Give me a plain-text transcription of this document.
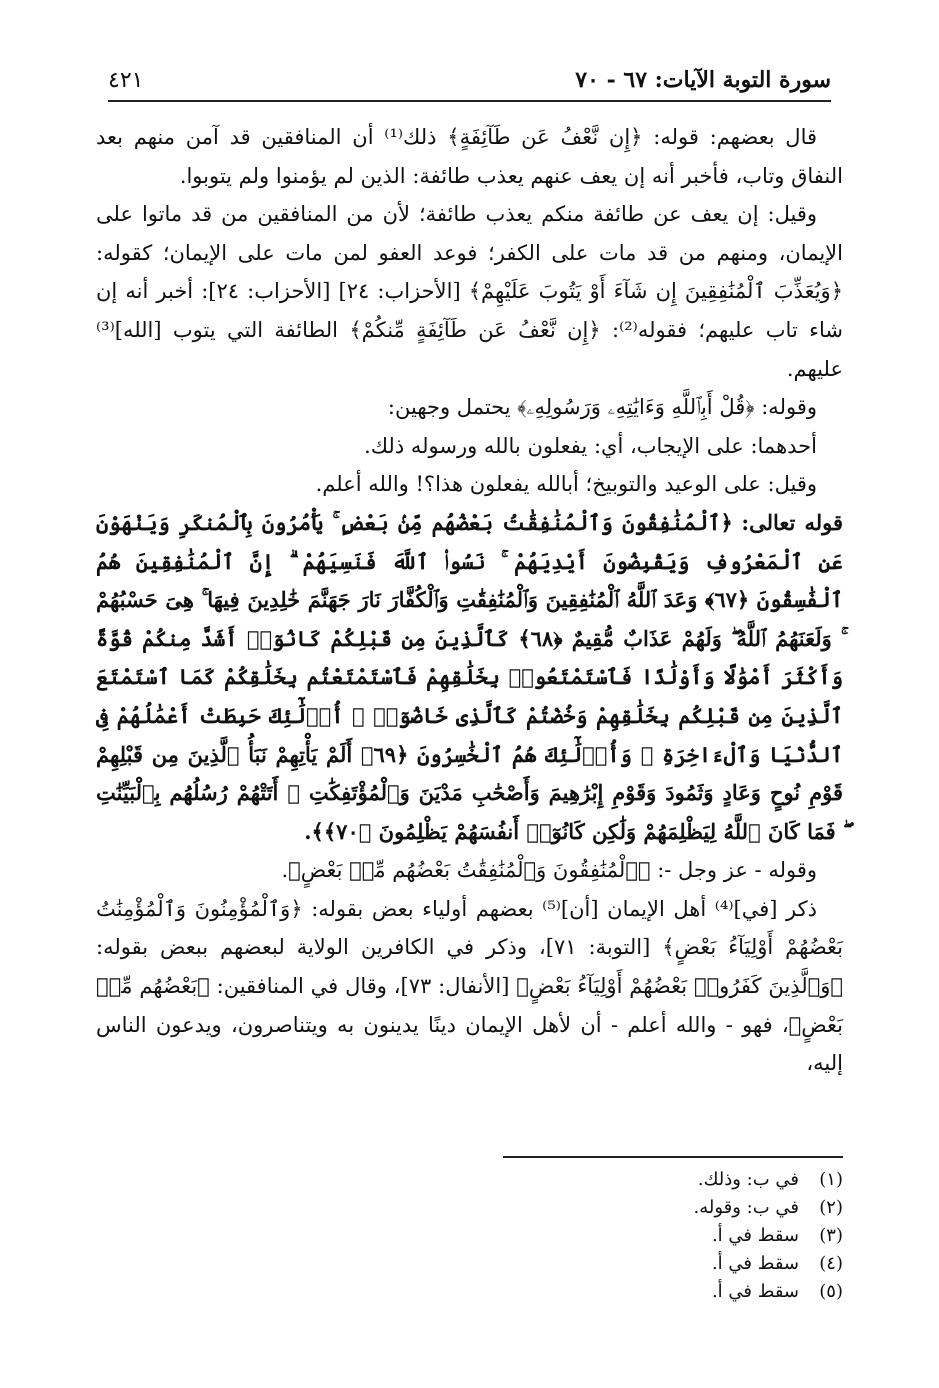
سورة التوبة الآيات: ٦٧ - ٧٠
٤٢١

قال بعضهم: قوله: ﴿إِن نَّعْفُ عَن طَآئِفَةٍ﴾ ذلك⁽¹⁾ أن المنافقين قد آمن منهم بعد النفاق وتاب، فأخبر أنه إن يعف عنهم يعذب طائفة: الذين لم يؤمنوا ولم يتوبوا.

وقيل: إن يعف عن طائفة منكم يعذب طائفة؛ لأن من المنافقين من قد ماتوا على الإيمان، ومنهم من قد مات على الكفر؛ فوعد العفو لمن مات على الإيمان؛ كقوله: ﴿وَيُعَذِّبَ ٱلْمُنَٰفِقِينَ إِن شَآءَ أَوْ يَتُوبَ عَلَيْهِمْ﴾ [الأحزاب: ٢٤] [الأحزاب: ٢٤]: أخبر أنه إن شاء تاب عليهم؛ فقوله⁽²⁾: ﴿إِن نَّعْفُ عَن طَآئِفَةٍ مِّنكُمْ﴾ الطائفة التي يتوب [الله]⁽³⁾ عليهم.

وقوله: ﴿قُلْ أَبِٱللَّهِ وَءَايَٰتِهِۦ وَرَسُولِهِۦ﴾ يحتمل وجهين:

أحدهما: على الإيجاب، أي: يفعلون بالله ورسوله ذلك.

وقيل: على الوعيد والتوبيخ؛ أبالله يفعلون هذا؟! والله أعلم.

قوله تعالى: ﴿ٱلْمُنَٰفِقُونَ وَٱلْمُنَٰفِقَٰتُ بَعْضُهُم مِّنۢ بَعْضٍ ۚ يَأْمُرُونَ بِٱلْمُنكَرِ وَيَنْهَوْنَ عَنِ ٱلْمَعْرُوفِ وَيَقْبِضُونَ أَيْدِيَهُمْ ۚ نَسُوا۟ ٱللَّهَ فَنَسِيَهُمْ ۗ إِنَّ ٱلْمُنَٰفِقِينَ هُمُ ٱلْفَٰسِقُونَ ﴿٦٧﴾ وَعَدَ ٱللَّهُ ٱلْمُنَٰفِقِينَ وَٱلْمُنَٰفِقَٰتِ وَٱلْكُفَّارَ نَارَ جَهَنَّمَ خَٰلِدِينَ فِيهَا ۚ هِىَ حَسْبُهُمْ ۚ وَلَعَنَهُمُ ٱللَّهُ ۖ وَلَهُمْ عَذَابٌ مُّقِيمٌ ﴿٦٨﴾ كَٱلَّذِينَ مِن قَبْلِكُمْ كَانُوٓا۟ أَشَدَّ مِنكُمْ قُوَّةً وَأَكْثَرَ أَمْوَٰلًا وَأَوْلَٰدًا فَٱسْتَمْتَعُوا۟ بِخَلَٰقِهِمْ فَٱسْتَمْتَعْتُم بِخَلَٰقِكُمْ كَمَا ٱسْتَمْتَعَ ٱلَّذِينَ مِن قَبْلِكُم بِخَلَٰقِهِمْ وَخُضْتُمْ كَٱلَّذِى خَاضُوٓا۟ ۚ أُو۟لَٰٓئِكَ حَبِطَتْ أَعْمَٰلُهُمْ فِى ٱلدُّنْيَا وَٱلْءَاخِرَةِ ۖ وَأُو۟لَٰٓئِكَ هُمُ ٱلْخَٰسِرُونَ ﴿٦٩﴾ أَلَمْ يَأْتِهِمْ نَبَأُ ٱلَّذِينَ مِن قَبْلِهِمْ قَوْمِ نُوحٍ وَعَادٍ وَثَمُودَ وَقَوْمِ إِبْرَٰهِيمَ وَأَصْحَٰبِ مَدْيَنَ وَٱلْمُؤْتَفِكَٰتِ ۚ أَتَتْهُمْ رُسُلُهُم بِٱلْبَيِّنَٰتِ ۖ فَمَا كَانَ ٱللَّهُ لِيَظْلِمَهُمْ وَلَٰكِن كَانُوٓا۟ أَنفُسَهُمْ يَظْلِمُونَ ﴿٧٠﴾﴾.

وقوله - عز وجل -: ﴿ٱلْمُنَٰفِقُونَ وَٱلْمُنَٰفِقَٰتُ بَعْضُهُم مِّنۢ بَعْضٍ﴾.

ذكر [في]⁽⁴⁾ أهل الإيمان [أن]⁽⁵⁾ بعضهم أولياء بعض بقوله: ﴿وَٱلْمُؤْمِنُونَ وَٱلْمُؤْمِنَٰتُ بَعْضُهُمْ أَوْلِيَآءُ بَعْضٍ﴾ [التوبة: ٧١]، وذكر في الكافرين الولاية لبعضهم ببعض بقوله: ﴿وَٱلَّذِينَ كَفَرُوا۟ بَعْضُهُمْ أَوْلِيَآءُ بَعْضٍ﴾ [الأنفال: ٧٣]، وقال في المنافقين: ﴿بَعْضُهُم مِّنۢ بَعْضٍ﴾، فهو - والله أعلم - أن لأهل الإيمان دينًا يدينون به ويتناصرون، ويدعون الناس إليه،

(١)
في ب: وذلك.
(٢)
في ب: وقوله.
(٣)
سقط في أ.
(٤)
سقط في أ.
(٥)
سقط في أ.
